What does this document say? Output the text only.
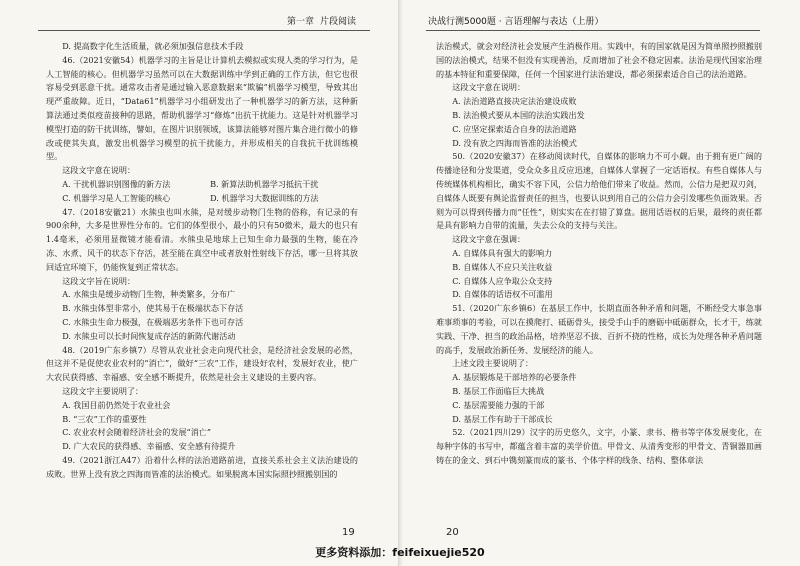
第一章 片段阅读

D. 提高数字化生活质量，就必须加强信息技术手段

46.（2021安徽54）机器学习的主旨是让计算机去模拟或实现人类的学习行为，是人工智能的核心。但机器学习虽然可以在大数据训练中学到正确的工作方法，但它也很容易受到恶意干扰。通常攻击者是通过输入恶意数据来“欺骗”机器学习模型，导致其出现严重故障。近日，“Data61”机器学习小组研发出了一种机器学习的新方法，这种新算法通过类似疫苗接种的思路，帮助机器学习“修炼”出抗干扰能力。这是针对机器学习模型打造的防干扰训练，譬如，在图片识别领域，该算法能够对图片集合进行微小的修改或使其失真，激发出机器学习模型的抗干扰能力，并形成相关的自我抗干扰训练模型。

这段文字意在说明：

A. 干扰机器识别图像的新方法	B. 新算法助机器学习抵抗干扰
C. 机器学习是人工智能的核心	D. 机器学习大数据训练的方法

47.（2018安徽21）水熊虫也叫水熊，是对缓步动物门生物的俗称，有记录的有900余种，大多是世界性分布的。它们的体型很小，最小的只有50微米，最大的也只有1.4毫米，必须用显微镜才能看清。水熊虫是地球上已知生命力最强的生物，能在冷冻、水煮、风干的状态下存活，甚至能在真空中或者放射性射线下存活，哪一旦将其放回适宜环境下，仍能恢复到正常状态。

这段文字旨在说明：

A. 水熊虫是缓步动物门生物，种类繁多，分布广

B. 水熊虫体型非常小，使其易于在极端状态下存活

C. 水熊虫生命力极强，在极端恶劣条件下也可存活

D. 水熊虫可以长时间恢复成存活的新陈代谢活动

48.（2019广东乡镇7）尽管从农业社会走向现代社会，是经济社会发展的必然，但这并不是促使农业农村的“消亡”，做好“三农”工作，建设好农村，发展好农业，使广大农民获得感、幸福感、安全感不断提升，依然是社会主义建设的主要内容。

这段文字主要说明了：

A. 我国目前仍然处于农业社会

B. “三农”工作的重要性

C. 农业农村会随着经济社会的发展“消亡”

D. 广大农民的获得感、幸福感、安全感有待提升

49.（2021浙江A47）沿着什么样的法治道路前进，直接关系社会主义法治建设的成败。世界上没有放之四海而皆准的法治模式。如果脱离本国实际照抄照搬别国的

19
决战行测5000题 · 言语理解与表达（上册）

法治模式，就会对经济社会发展产生消极作用。实践中，有的国家就是因为简单照抄照搬别国的法治模式，结果不但没有实现善治，反而增加了社会不稳定因素。法治是现代国家治理的基本特征和重要保障，任何一个国家进行法治建设，都必须探索适合自己的法治道路。

这段文字意在说明：

A. 法治道路直接决定法治建设成败

B. 法治模式要从本国的法治实践出发

C. 应坚定探索适合自身的法治道路

D. 没有放之四海而皆准的法治模式

50.（2020安徽37）在移动阅读时代，自媒体的影响力不可小觑。由于拥有更广阔的传播途径和分发渠道，受众众多且反应迅速，自媒体人掌握了一定话语权。有些自媒体人与传统媒体机构相比，确实不容下风，公信力给他们带来了收益。然而，公信力是把双刃剑，自媒体人既要有舆论监督责任的担当，也要认识到用自己的公信力会引发哪些负面效果。否则为可以得到传播力而“任性”，则实实在在打错了算盘。据用话语权的后果，最终的责任都是具有影响力自带的流量，失去公众的支持与关注。

这段文字意在强调：

A. 自媒体具有强大的影响力

B. 自媒体人不应只关注收益

C. 自媒体人应争取公众支持

D. 自媒体的话语权不可滥用

51.（2020广东乡镇6）在基层工作中，长期直面各种矛盾和问题，不断经受大事急事难事琐事的考验，可以在摸爬打、砥砺骨头，接受手山手的磨砺中砥砺群众，长才干，练就实践、干净、担当的政治品格，培养坚忍不拔、百折不挠的性格，成长为处理各种矛盾问题的高手，发展政治新任务、发展经济的能人。

上述文段主要说明了：

A. 基层锻炼是干部培养的必要条件

B. 基层工作面临巨大挑战

C. 基层需要能力强的干部

D. 基层工作有助于干部成长

52.（2021四川29）汉字的历史悠久，文字，小篆、隶书、楷书等字体发展变化，在每种字体的书写中，都蕴含着丰富的美学价值。甲骨文、从清秀变形的甲骨文、青铜器皿画铸在的金文、到石中镌刻篆而成的篆书、个体字样的线条、结构、整体章法

20
更多资料添加：feifeixuejie520
